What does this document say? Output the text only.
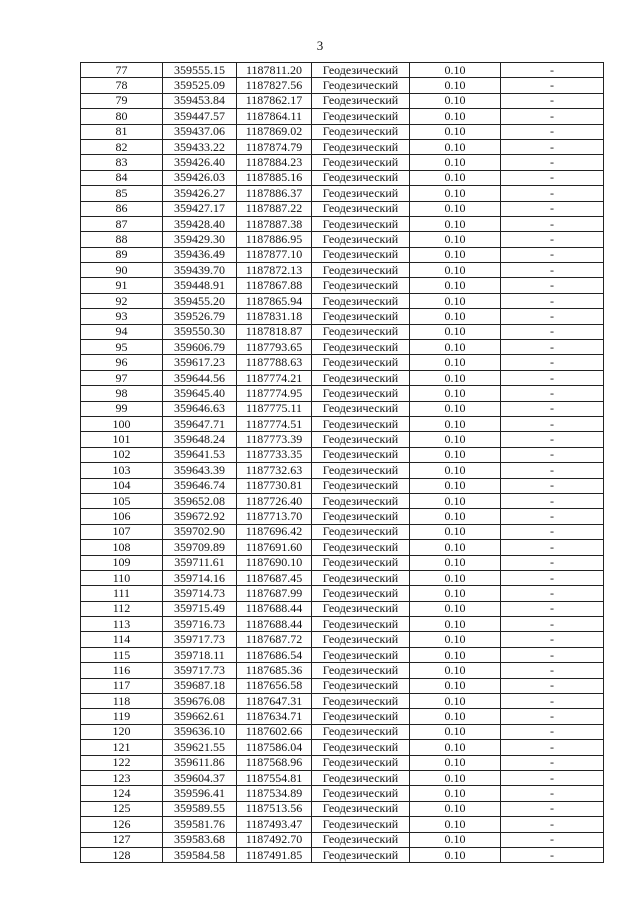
3
77	359555.15	1187811.20	Геодезический	0.10	-
78	359525.09	1187827.56	Геодезический	0.10	-
79	359453.84	1187862.17	Геодезический	0.10	-
80	359447.57	1187864.11	Геодезический	0.10	-
81	359437.06	1187869.02	Геодезический	0.10	-
82	359433.22	1187874.79	Геодезический	0.10	-
83	359426.40	1187884.23	Геодезический	0.10	-
84	359426.03	1187885.16	Геодезический	0.10	-
85	359426.27	1187886.37	Геодезический	0.10	-
86	359427.17	1187887.22	Геодезический	0.10	-
87	359428.40	1187887.38	Геодезический	0.10	-
88	359429.30	1187886.95	Геодезический	0.10	-
89	359436.49	1187877.10	Геодезический	0.10	-
90	359439.70	1187872.13	Геодезический	0.10	-
91	359448.91	1187867.88	Геодезический	0.10	-
92	359455.20	1187865.94	Геодезический	0.10	-
93	359526.79	1187831.18	Геодезический	0.10	-
94	359550.30	1187818.87	Геодезический	0.10	-
95	359606.79	1187793.65	Геодезический	0.10	-
96	359617.23	1187788.63	Геодезический	0.10	-
97	359644.56	1187774.21	Геодезический	0.10	-
98	359645.40	1187774.95	Геодезический	0.10	-
99	359646.63	1187775.11	Геодезический	0.10	-
100	359647.71	1187774.51	Геодезический	0.10	-
101	359648.24	1187773.39	Геодезический	0.10	-
102	359641.53	1187733.35	Геодезический	0.10	-
103	359643.39	1187732.63	Геодезический	0.10	-
104	359646.74	1187730.81	Геодезический	0.10	-
105	359652.08	1187726.40	Геодезический	0.10	-
106	359672.92	1187713.70	Геодезический	0.10	-
107	359702.90	1187696.42	Геодезический	0.10	-
108	359709.89	1187691.60	Геодезический	0.10	-
109	359711.61	1187690.10	Геодезический	0.10	-
110	359714.16	1187687.45	Геодезический	0.10	-
111	359714.73	1187687.99	Геодезический	0.10	-
112	359715.49	1187688.44	Геодезический	0.10	-
113	359716.73	1187688.44	Геодезический	0.10	-
114	359717.73	1187687.72	Геодезический	0.10	-
115	359718.11	1187686.54	Геодезический	0.10	-
116	359717.73	1187685.36	Геодезический	0.10	-
117	359687.18	1187656.58	Геодезический	0.10	-
118	359676.08	1187647.31	Геодезический	0.10	-
119	359662.61	1187634.71	Геодезический	0.10	-
120	359636.10	1187602.66	Геодезический	0.10	-
121	359621.55	1187586.04	Геодезический	0.10	-
122	359611.86	1187568.96	Геодезический	0.10	-
123	359604.37	1187554.81	Геодезический	0.10	-
124	359596.41	1187534.89	Геодезический	0.10	-
125	359589.55	1187513.56	Геодезический	0.10	-
126	359581.76	1187493.47	Геодезический	0.10	-
127	359583.68	1187492.70	Геодезический	0.10	-
128	359584.58	1187491.85	Геодезический	0.10	-
